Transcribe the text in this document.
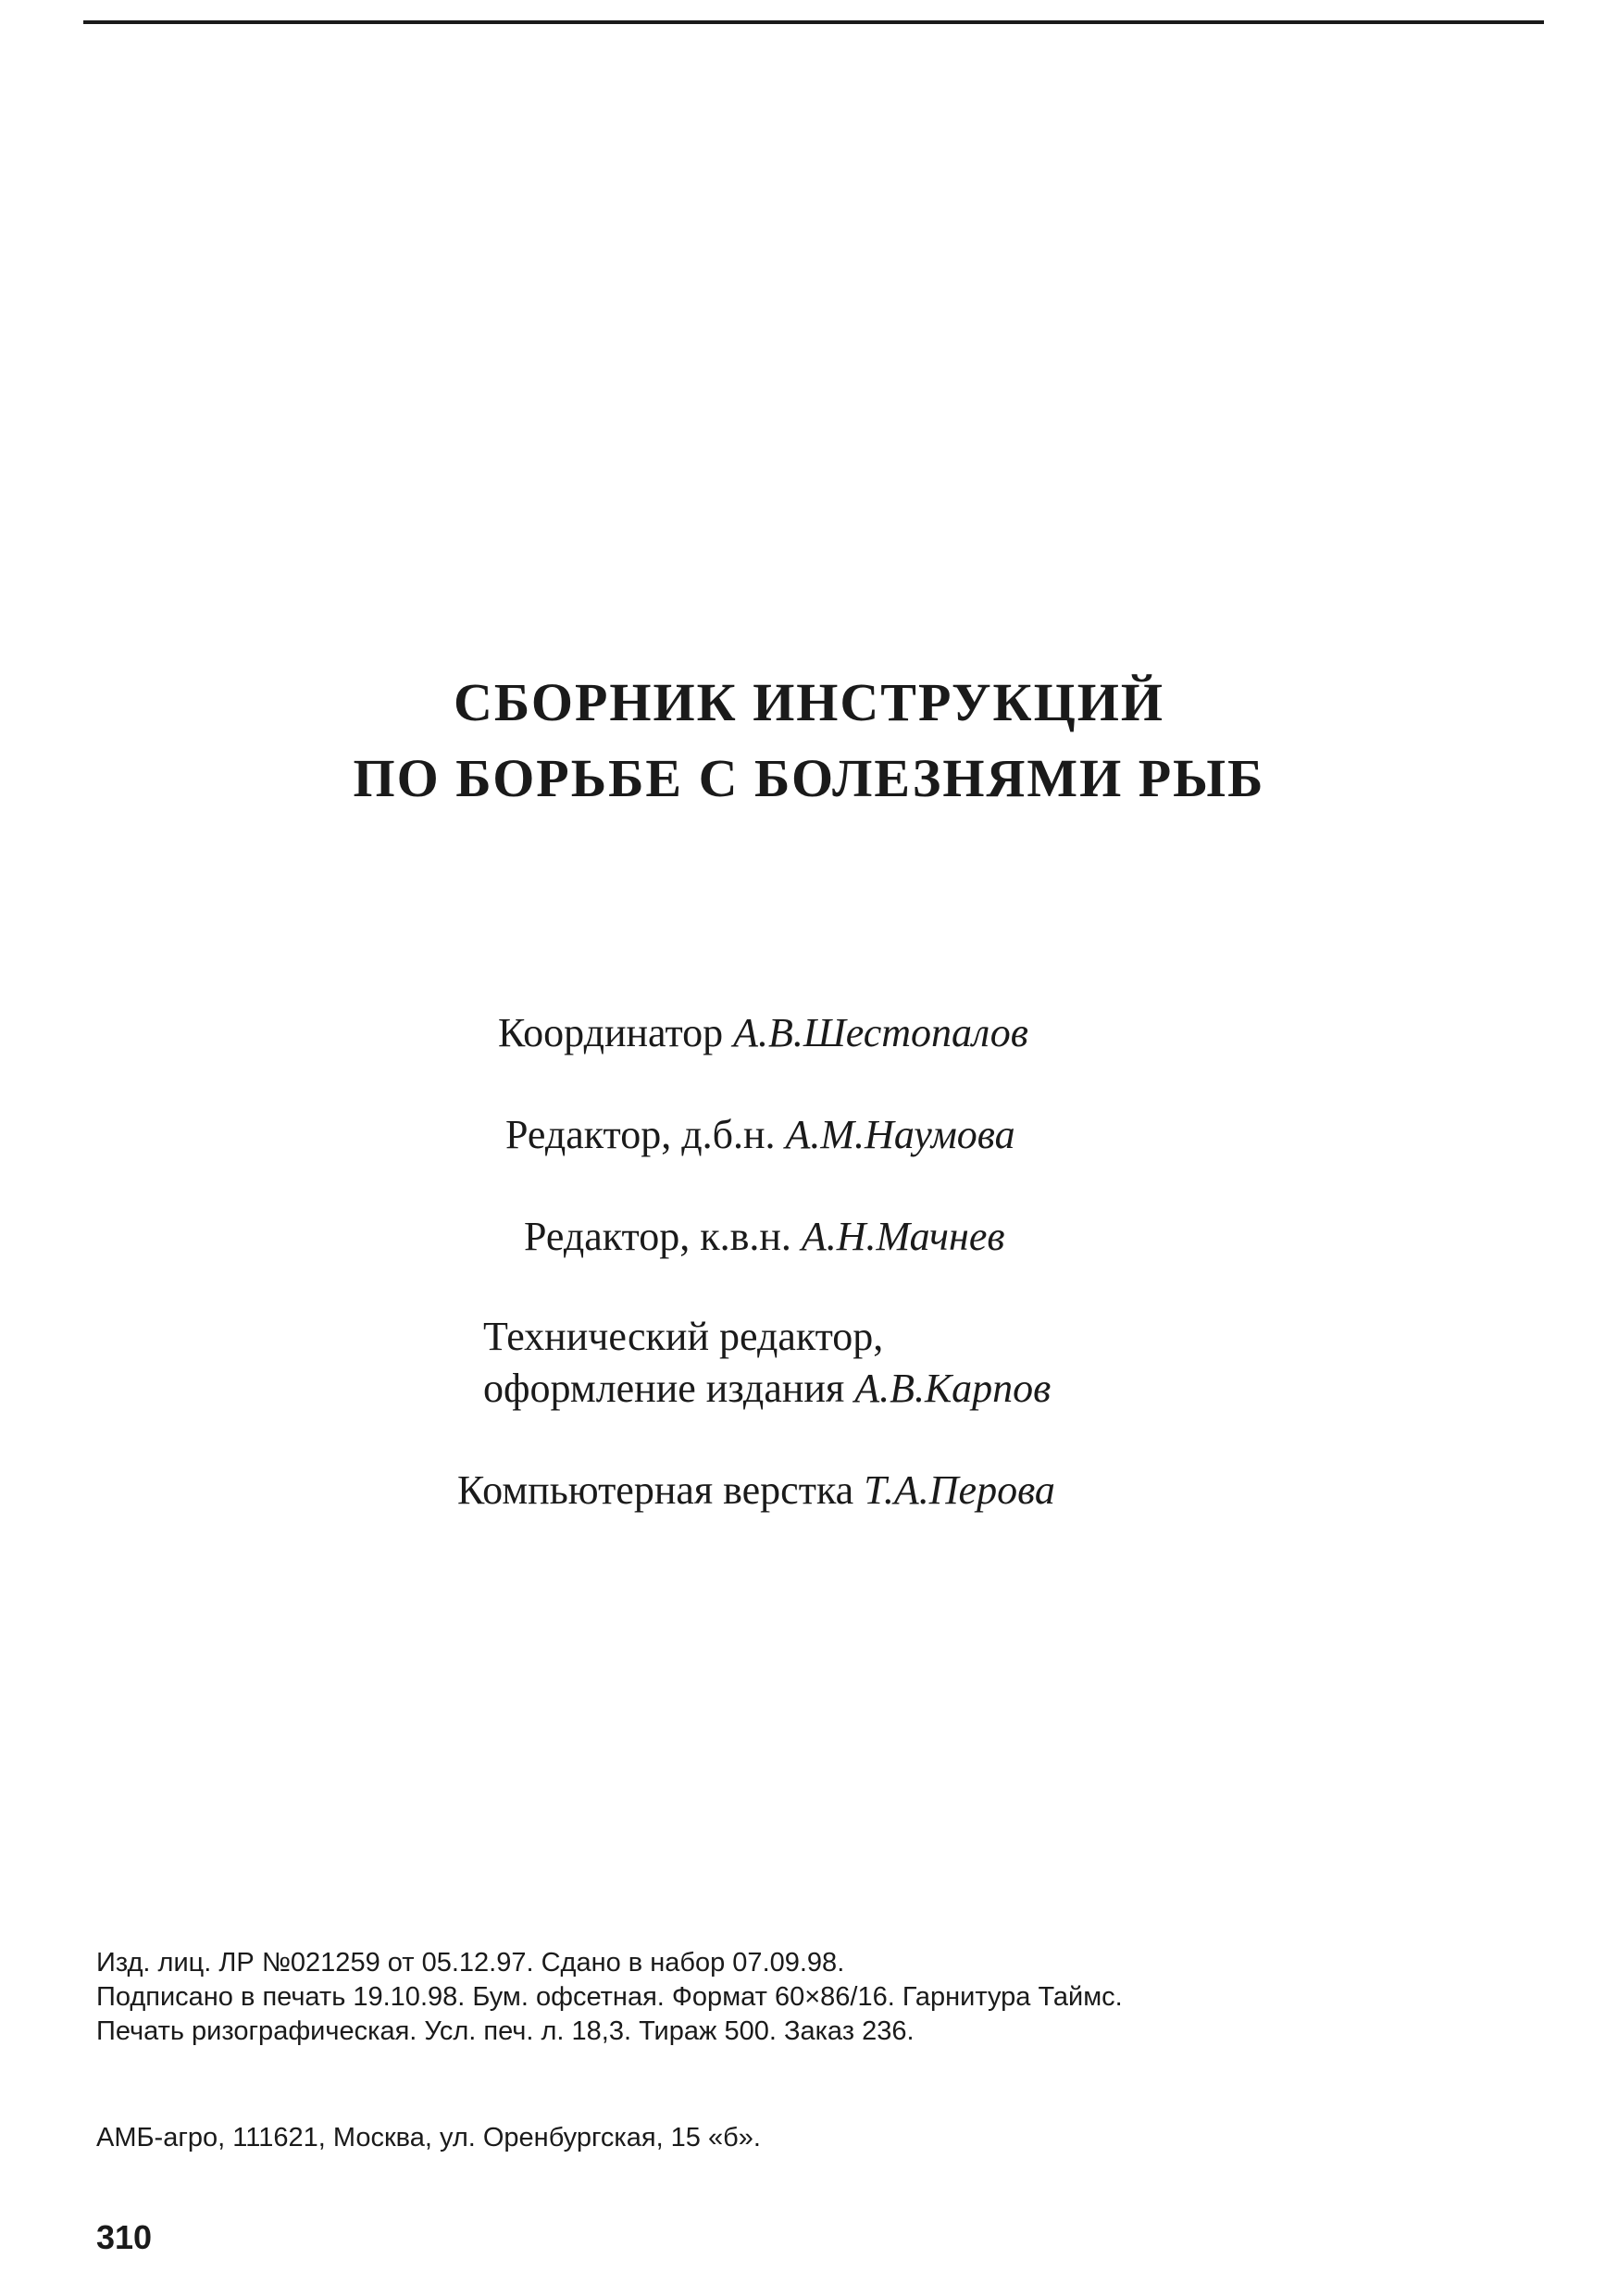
СБОРНИК ИНСТРУКЦИЙ
ПО БОРЬБЕ С БОЛЕЗНЯМИ РЫБ
Координатор А.В.Шестопалов
Редактор, д.б.н. А.М.Наумова
Редактор, к.в.н. А.Н.Мачнев
Технический редактор,
оформление издания А.В.Карпов
Компьютерная верстка Т.А.Перова
Изд. лиц. ЛР №021259 от 05.12.97. Сдано в набор 07.09.98.
Подписано в печать 19.10.98. Бум. офсетная. Формат 60×86/16. Гарнитура Таймс.
Печать ризографическая. Усл. печ. л. 18,3. Тираж 500. Заказ 236.
АМБ-агро, 111621, Москва, ул. Оренбургская, 15 «б».
310
